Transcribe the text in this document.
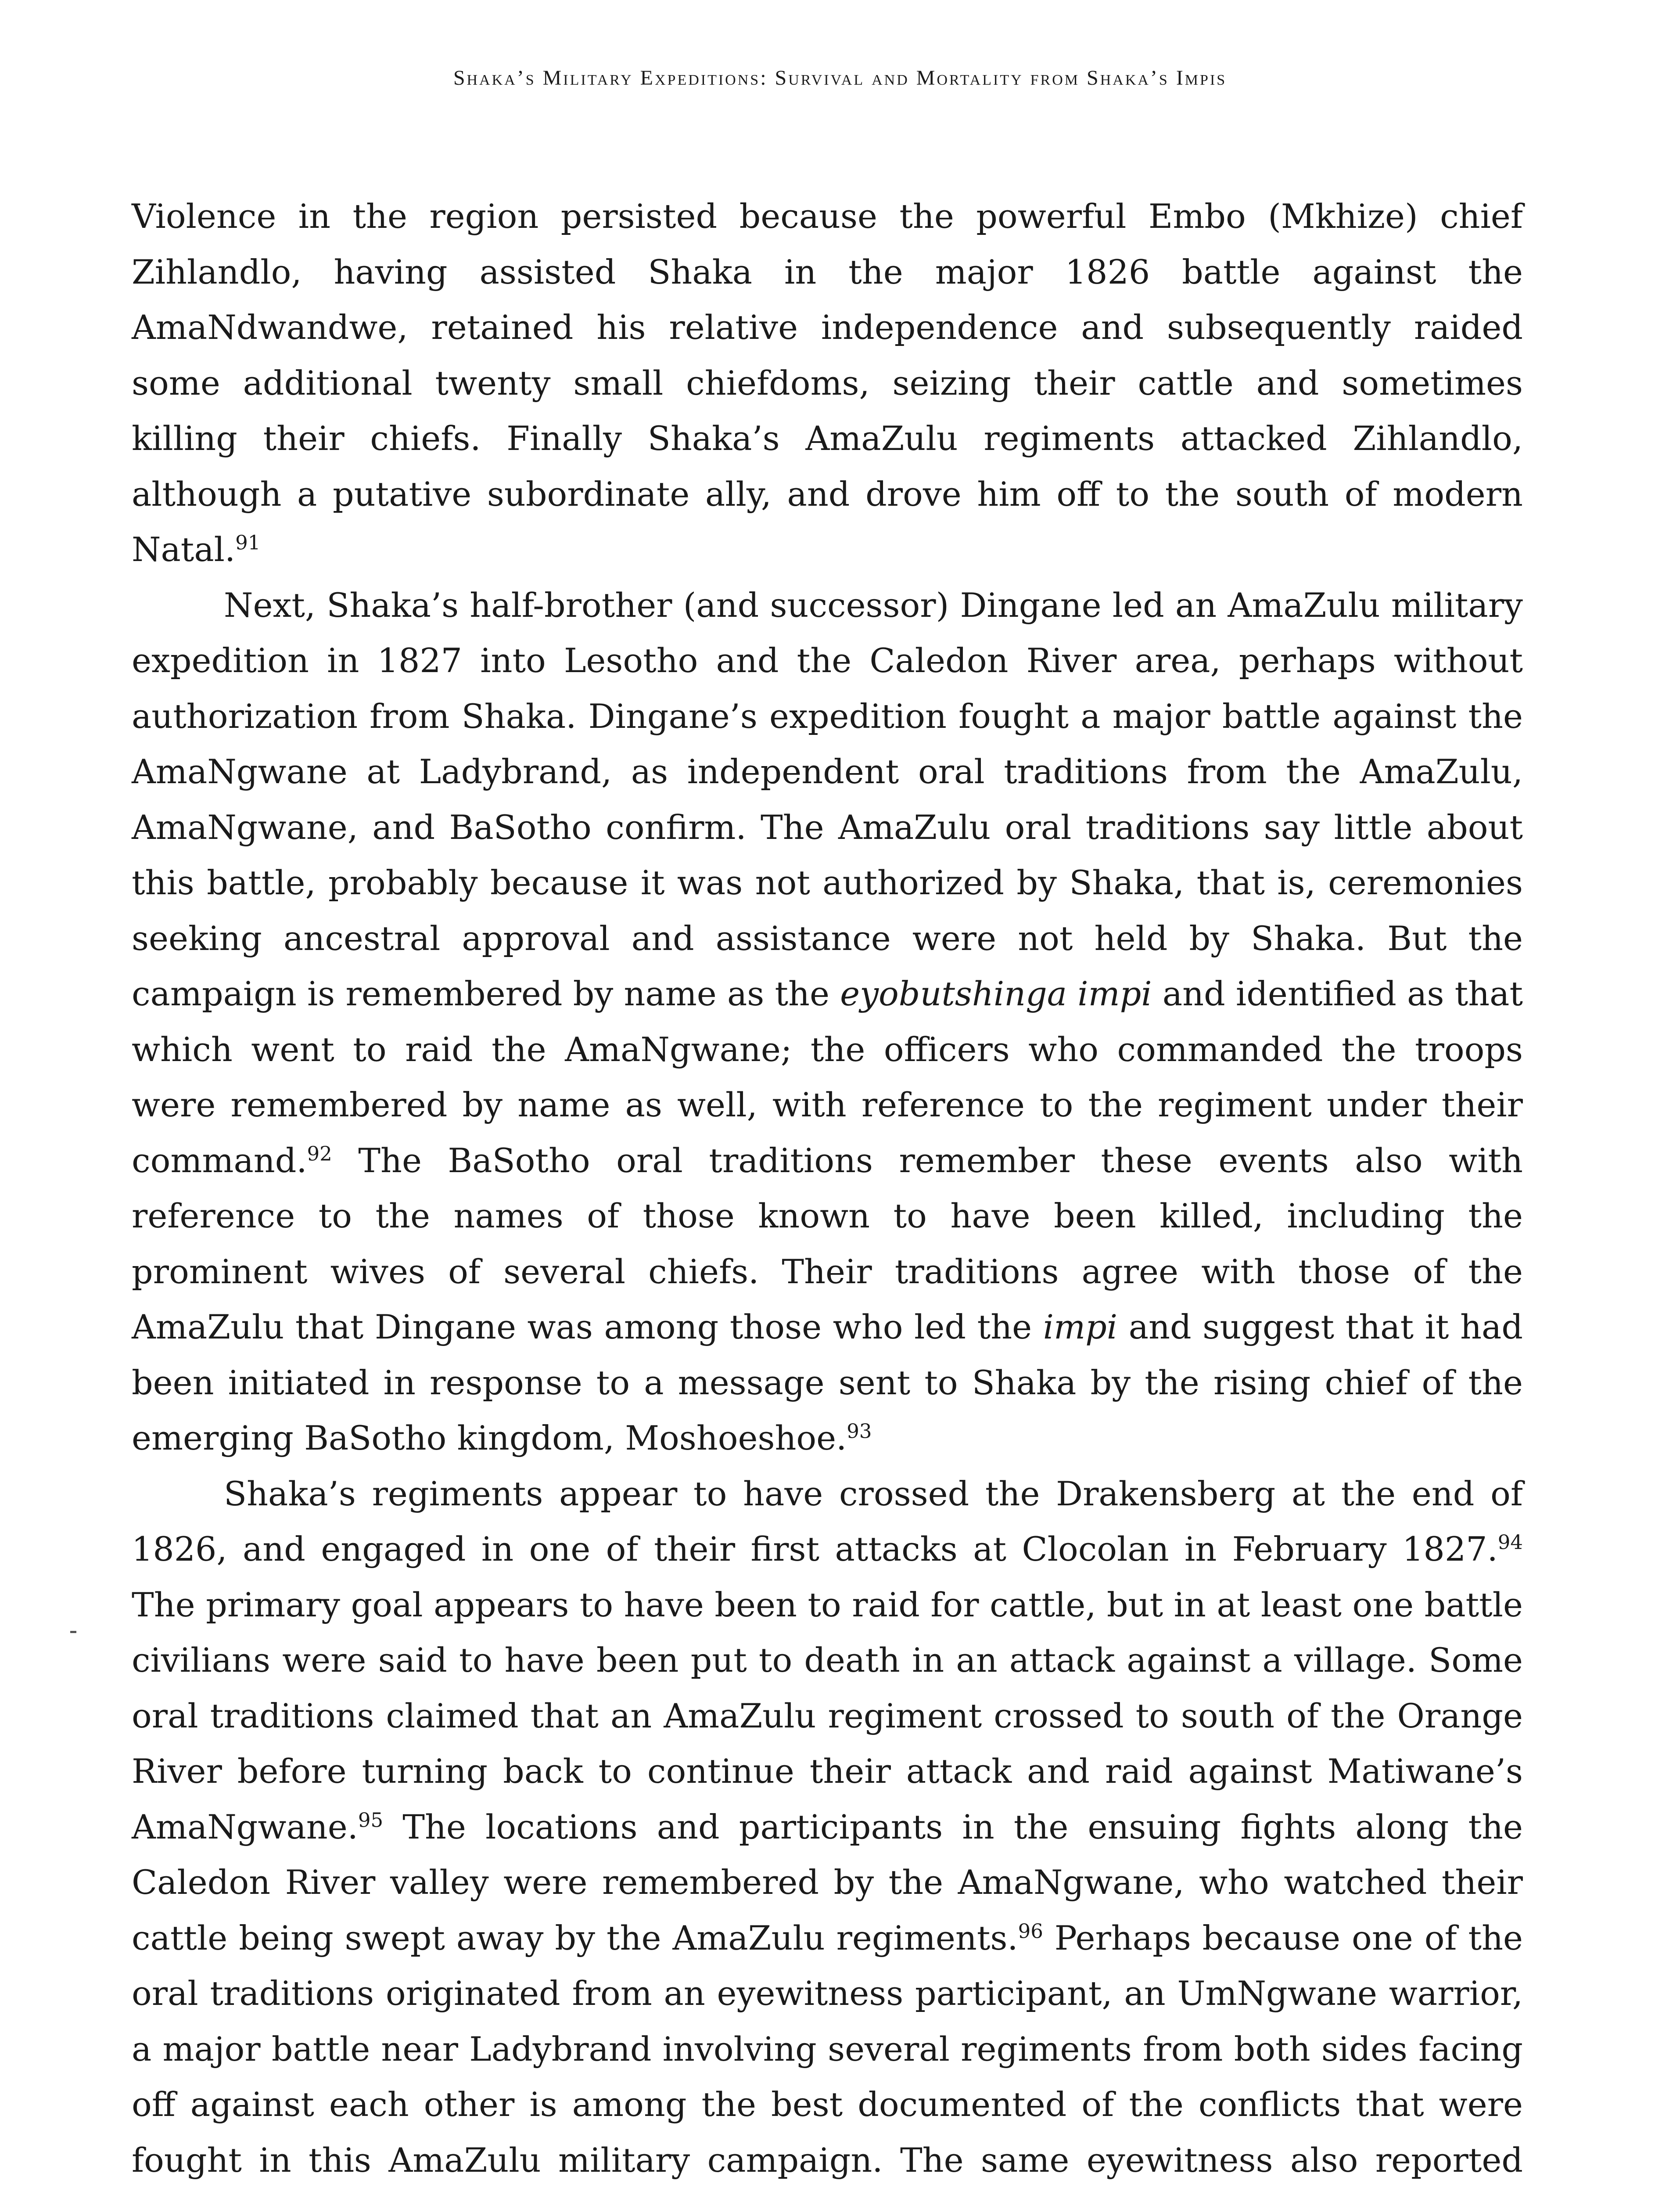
Shaka’s Military Expeditions: Survival and Mortality from Shaka’s Impis

Violence in the region persisted because the powerful Embo (Mkhize) chief Zihlandlo, having assisted Shaka in the major 1826 battle against the AmaNdwandwe, retained his relative independence and subsequently raided some additional twenty small chiefdoms, seizing their cattle and sometimes killing their chiefs. Finally Shaka’s AmaZulu regiments attacked Zihlandlo, although a putative subordinate ally, and drove him off to the south of modern Natal.$^{91}$

Next, Shaka’s half-brother (and successor) Dingane led an AmaZulu military expedition in 1827 into Lesotho and the Caledon River area, perhaps without authorization from Shaka. Dingane’s expedition fought a major battle against the AmaNgwane at Ladybrand, as independent oral traditions from the AmaZulu, AmaNgwane, and BaSotho confirm. The AmaZulu oral traditions say little about this battle, probably because it was not authorized by Shaka, that is, ceremonies seeking ancestral approval and assistance were not held by Shaka. But the campaign is remembered by name as the eyobutshinga impi and identified as that which went to raid the AmaNgwane; the officers who commanded the troops were remembered by name as well, with reference to the regiment under their command.$^{92}$ The BaSotho oral traditions remember these events also with reference to the names of those known to have been killed, including the prominent wives of several chiefs. Their traditions agree with those of the AmaZulu that Dingane was among those who led the impi and suggest that it had been initiated in response to a message sent to Shaka by the rising chief of the emerging BaSotho kingdom, Moshoeshoe.$^{93}$

Shaka’s regiments appear to have crossed the Drakensberg at the end of 1826, and engaged in one of their first attacks at Clocolan in February 1827.94 The primary goal appears to have been to raid for cattle, but in at least one battle civilians were said to have been put to death in an attack against a village. Some oral traditions claimed that an AmaZulu regiment crossed to south of the Orange River before turning back to continue their attack and raid against Matiwane’s AmaNgwane.$^{95}$ The locations and participants in the ensuing fights along the Caledon River valley were remembered by the AmaNgwane, who watched their cattle being swept away by the AmaZulu regiments.$^{96}$ Perhaps because one of the oral traditions originated from an eyewitness participant, an UmNgwane warrior, a major battle near Ladybrand involving several regiments from both sides facing off against each other is among the best documented of the conflicts that were fought in this AmaZulu military campaign. The same eyewitness also reported
